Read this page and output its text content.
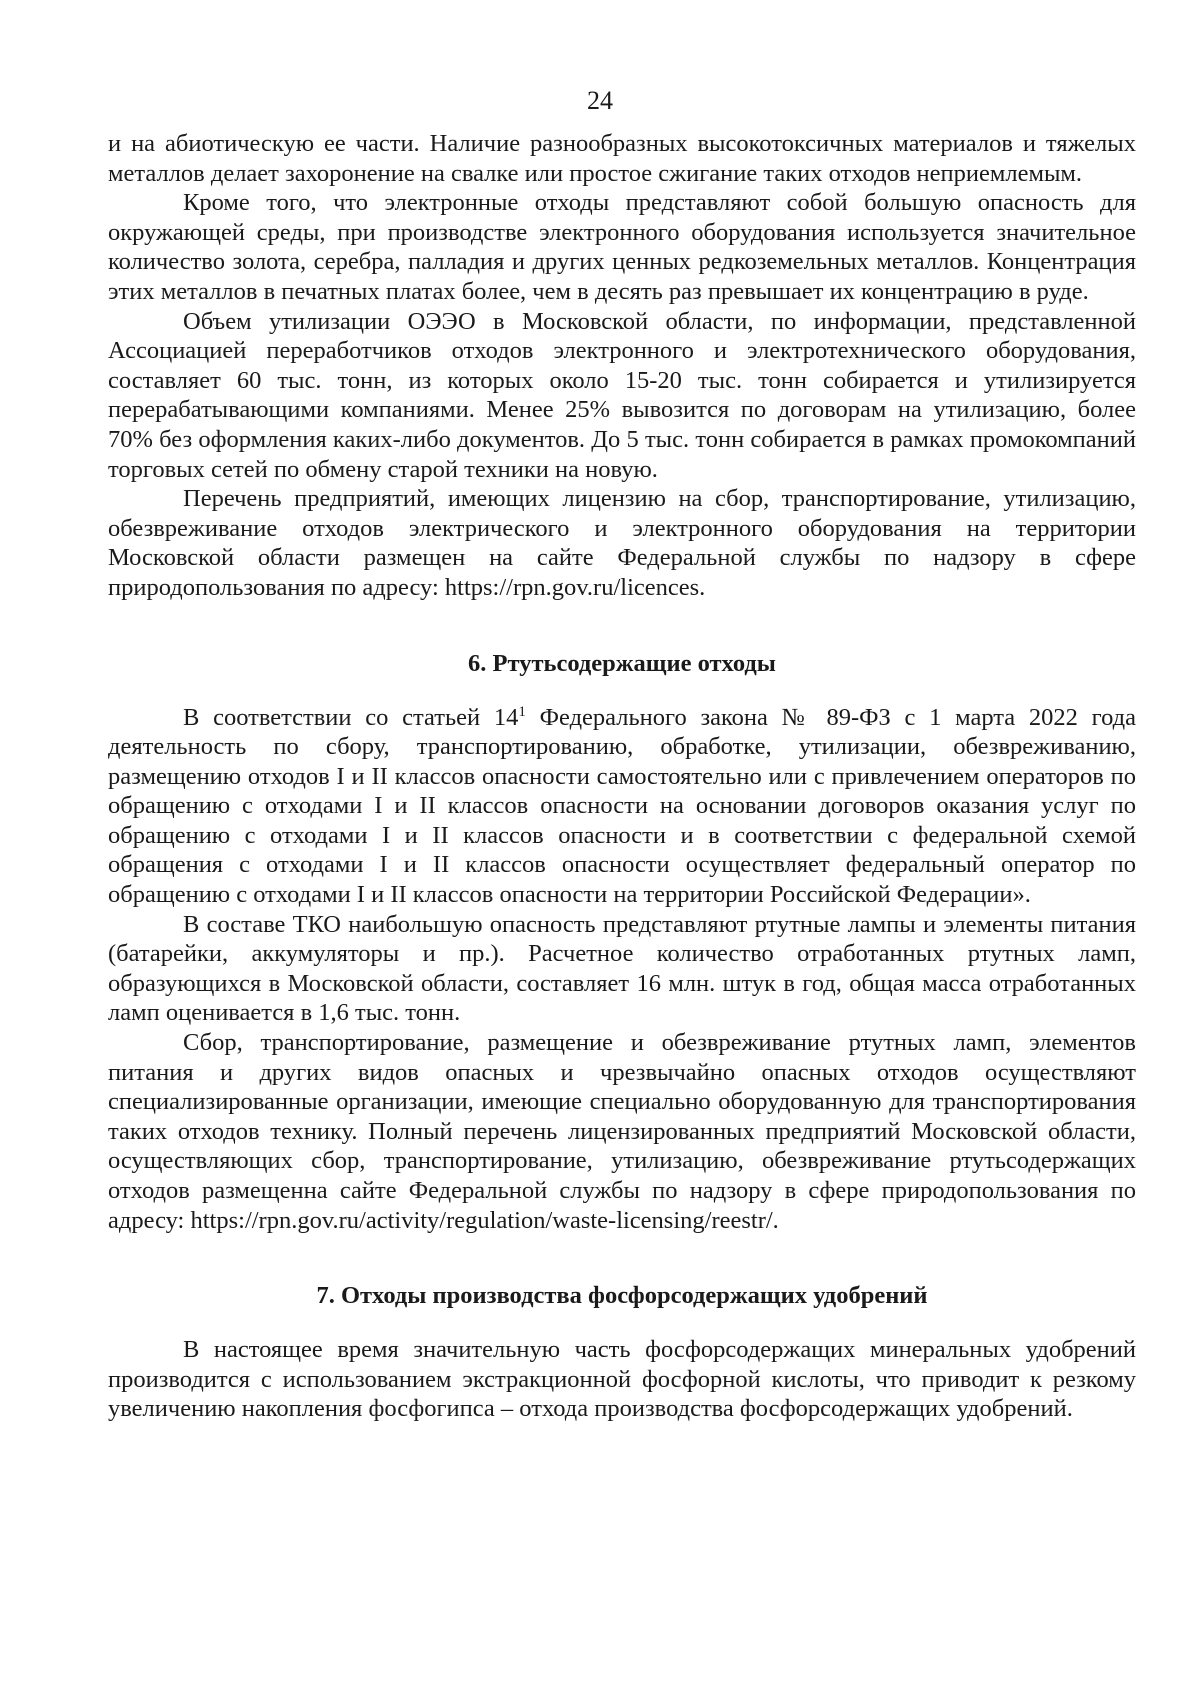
24

и на абиотическую ее части. Наличие разнообразных высокотоксичных материалов и тяжелых металлов делает захоронение на свалке или простое сжигание таких отходов неприемлемым.

Кроме того, что электронные отходы представляют собой большую опасность для окружающей среды, при производстве электронного оборудования используется значительное количество золота, серебра, палладия и других ценных редкоземельных металлов. Концентрация этих металлов в печатных платах более, чем в десять раз превышает их концентрацию в руде.

Объем утилизации ОЭЭО в Московской области, по информации, представленной Ассоциацией переработчиков отходов электронного и электротехнического оборудования, составляет 60 тыс. тонн, из которых около 15-20 тыс. тонн собирается и утилизируется перерабатывающими компаниями. Менее 25% вывозится по договорам на утилизацию, более 70% без оформления каких-либо документов. До 5 тыс. тонн собирается в рамках промокомпаний торговых сетей по обмену старой техники на новую.

Перечень предприятий, имеющих лицензию на сбор, транспортирование, утилизацию, обезвреживание отходов электрического и электронного оборудования на территории Московской области размещен на сайте Федеральной службы по надзору в сфере природопользования по адресу: https://rpn.gov.ru/licences.

6. Ртутьсодержащие отходы

В соответствии со статьей $14^1$ Федерального закона № 89-ФЗ с 1 марта 2022 года деятельность по сбору, транспортированию, обработке, утилизации, обезвреживанию, размещению отходов I и II классов опасности самостоятельно или с привлечением операторов по обращению с отходами I и II классов опасности на основании договоров оказания услуг по обращению с отходами I и II классов опасности и в соответствии с федеральной схемой обращения с отходами I и II классов опасности осуществляет федеральный оператор по обращению с отходами I и II классов опасности на территории Российской Федерации».

В составе ТКО наибольшую опасность представляют ртутные лампы и элементы питания (батарейки, аккумуляторы и пр.). Расчетное количество отработанных ртутных ламп, образующихся в Московской области, составляет 16 млн. штук в год, общая масса отработанных ламп оценивается в 1,6 тыс. тонн.

Сбор, транспортирование, размещение и обезвреживание ртутных ламп, элементов питания и других видов опасных и чрезвычайно опасных отходов осуществляют специализированные организации, имеющие специально оборудованную для транспортирования таких отходов технику. Полный перечень лицензированных предприятий Московской области, осуществляющих сбор, транспортирование, утилизацию, обезвреживание ртутьсодержащих отходов размещенна сайте Федеральной службы по надзору в сфере природопользования по адресу: https://rpn.gov.ru/activity/regulation/waste-licensing/reestr/.

7. Отходы производства фосфорсодержащих удобрений

В настоящее время значительную часть фосфорсодержащих минеральных удобрений производится с использованием экстракционной фосфорной кислоты, что приводит к резкому увеличению накопления фосфогипса – отхода производства фосфорсодержащих удобрений.
